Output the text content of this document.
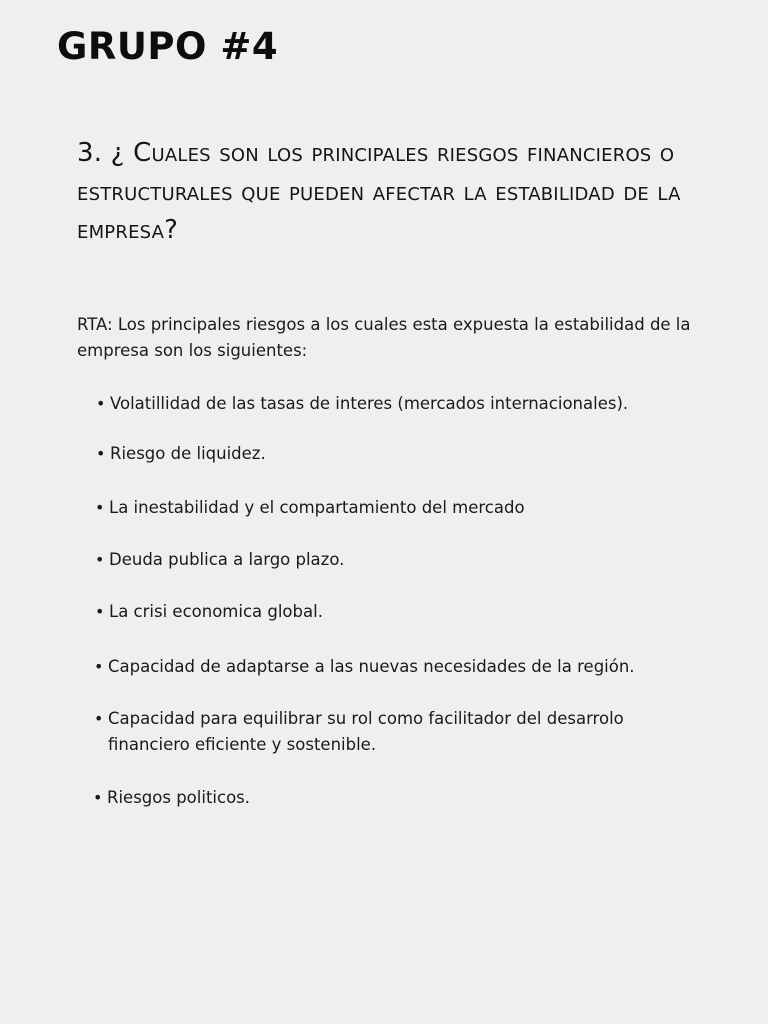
GRUPO #4

3. ¿ Cuales son los principales riesgos financieros o estructurales que pueden afectar la estabilidad de la empresa?

RTA: Los principales riesgos a los cuales esta expuesta la estabilidad de la empresa son los siguientes:

• Volatillidad de las tasas de interes (mercados internacionales).
• Riesgo de liquidez.
• La inestabilidad y el compartamiento del mercado
• Deuda publica a largo plazo.
• La crisi economica global.
• Capacidad de adaptarse a las nuevas necesidades de la región.
• Capacidad para equilibrar su rol como facilitador del desarrolo financiero eficiente y sostenible.
• Riesgos politicos.
